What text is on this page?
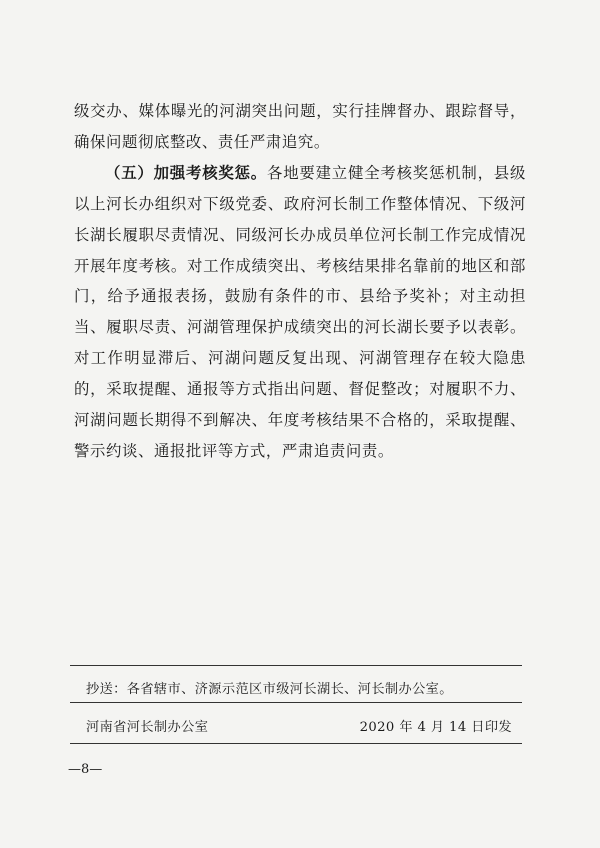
级交办、媒体曝光的河湖突出问题，实行挂牌督办、跟踪督导，确保问题彻底整改、责任严肃追究。

（五）加强考核奖惩。各地要建立健全考核奖惩机制，县级以上河长办组织对下级党委、政府河长制工作整体情况、下级河长湖长履职尽责情况、同级河长办成员单位河长制工作完成情况开展年度考核。对工作成绩突出、考核结果排名靠前的地区和部门，给予通报表扬，鼓励有条件的市、县给予奖补；对主动担当、履职尽责、河湖管理保护成绩突出的河长湖长要予以表彰。对工作明显滞后、河湖问题反复出现、河湖管理存在较大隐患的，采取提醒、通报等方式指出问题、督促整改；对履职不力、河湖问题长期得不到解决、年度考核结果不合格的，采取提醒、警示约谈、通报批评等方式，严肃追责问责。

抄送：各省辖市、济源示范区市级河长湖长、河长制办公室。
河南省河长制办公室	2020 年 4 月 14 日印发
—8—
